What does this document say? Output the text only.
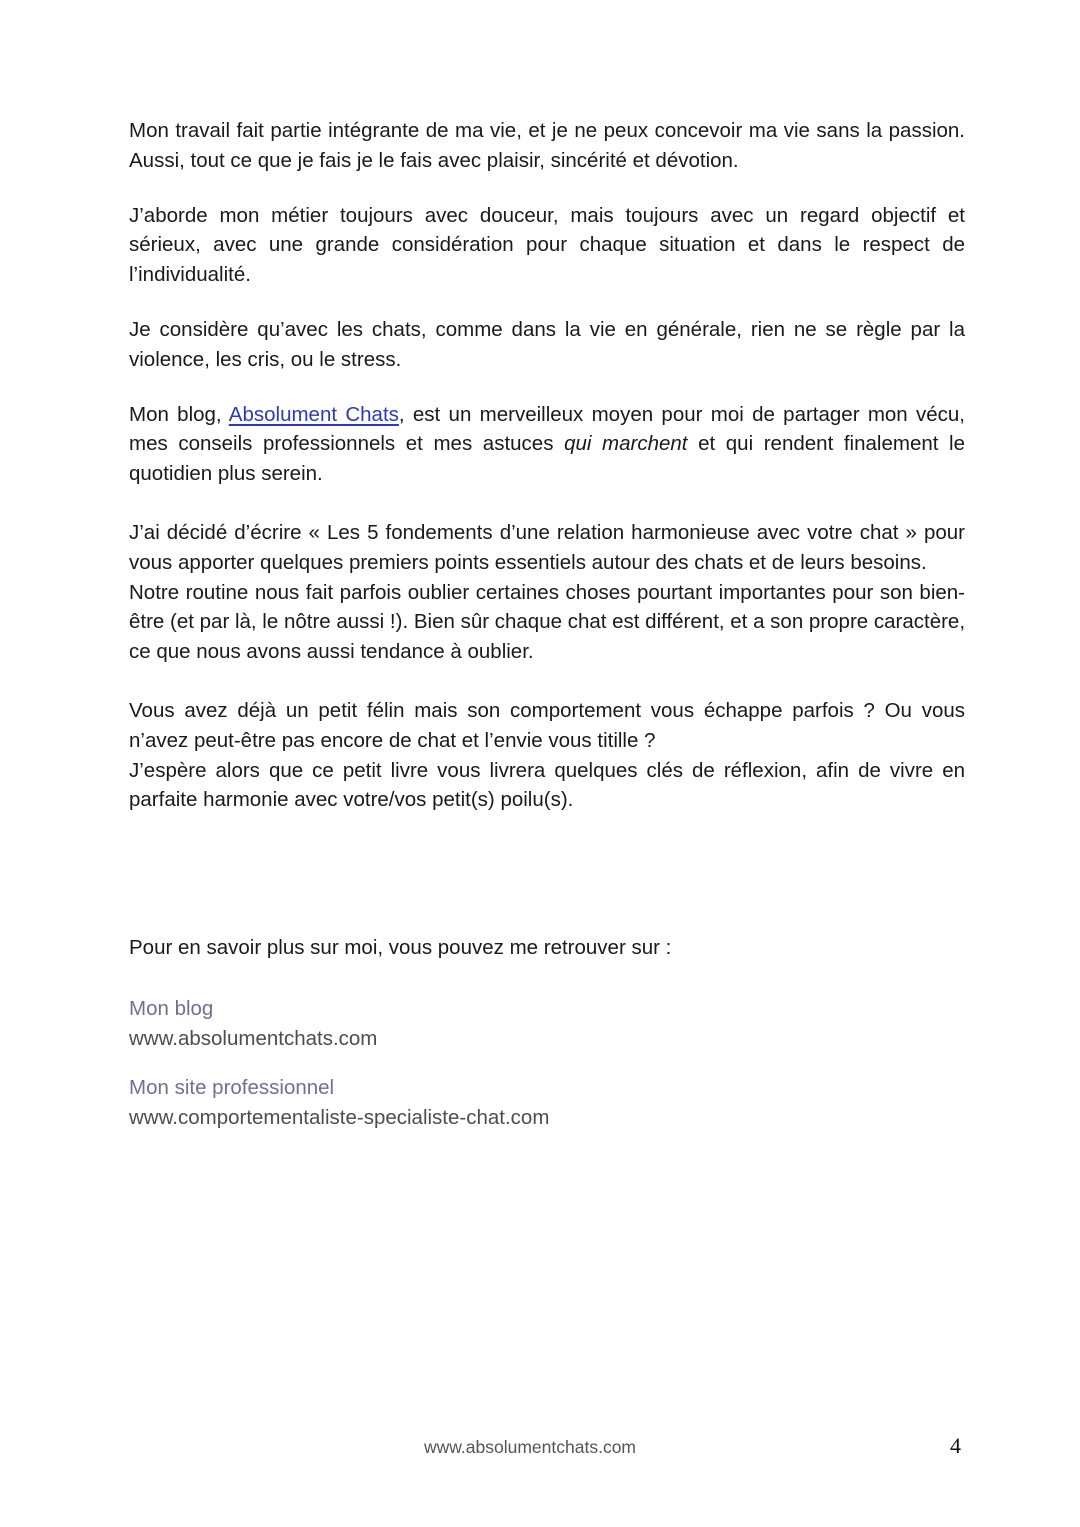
Mon travail fait partie intégrante de ma vie, et je ne peux concevoir ma vie sans la passion. Aussi, tout ce que je fais je le fais avec plaisir, sincérité et dévotion.

J’aborde mon métier toujours avec douceur, mais toujours avec un regard objectif et sérieux, avec une grande considération pour chaque situation et dans le respect de l’individualité.

Je considère qu’avec les chats, comme dans la vie en générale, rien ne se règle par la violence, les cris, ou le stress.

Mon blog, Absolument Chats, est un merveilleux moyen pour moi de partager mon vécu, mes conseils professionnels et mes astuces qui marchent et qui rendent finalement le quotidien plus serein.

J’ai décidé d’écrire « Les 5 fondements d’une relation harmonieuse avec votre chat » pour vous apporter quelques premiers points essentiels autour des chats et de leurs besoins.

Notre routine nous fait parfois oublier certaines choses pourtant importantes pour son bien-être (et par là, le nôtre aussi !). Bien sûr chaque chat est différent, et a son propre caractère, ce que nous avons aussi tendance à oublier.

Vous avez déjà un petit félin mais son comportement vous échappe parfois ? Ou vous n’avez peut-être pas encore de chat et l’envie vous titille ?

J’espère alors que ce petit livre vous livrera quelques clés de réflexion, afin de vivre en parfaite harmonie avec votre/vos petit(s) poilu(s).

Pour en savoir plus sur moi, vous pouvez me retrouver sur :

Mon blog
www.absolumentchats.com
Mon site professionnel
www.comportementaliste-specialiste-chat.com
www.absolumentchats.com	4
